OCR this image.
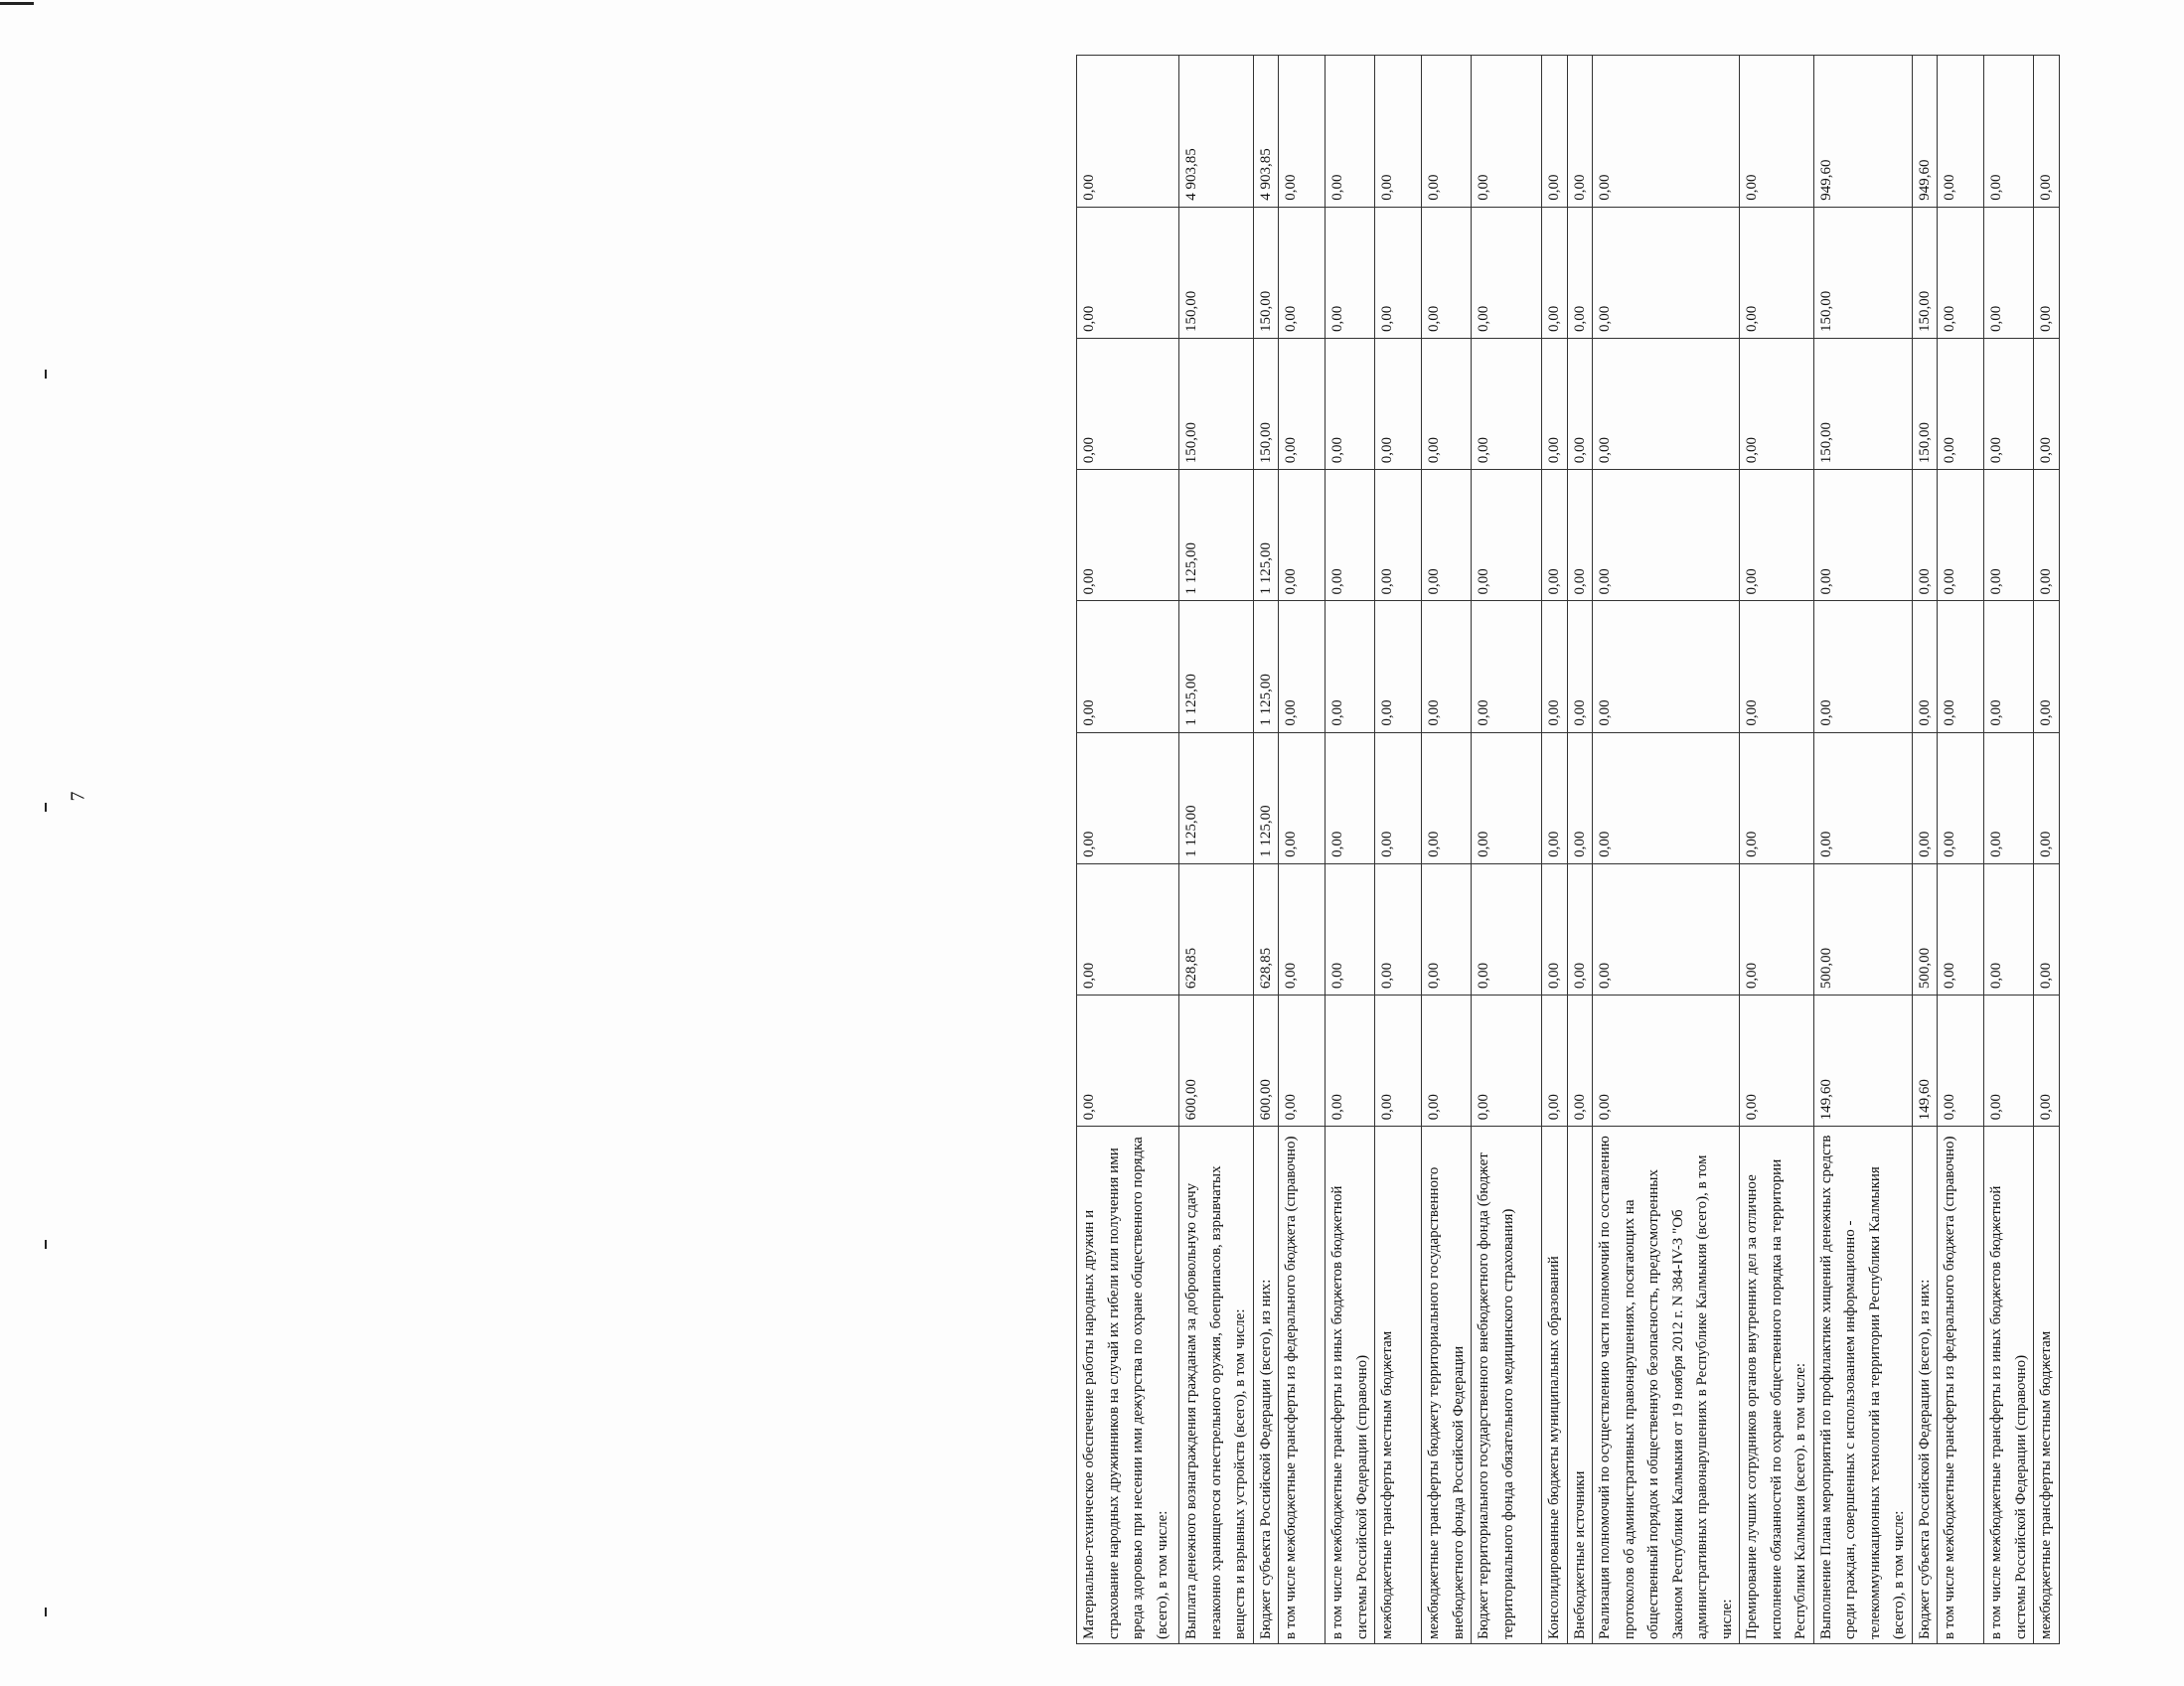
7
Материально-техническое обеспечение работы народных дружин и страхование народных дружинников на случай их гибели или получения ими вреда здоровью при несении ими дежурства по охране общественного порядка (всего), в том числе:	0,00	0,00	0,00	0,00	0,00	0,00	0,00	0,00
Выплата денежного вознаграждения гражданам за добровольную сдачу незаконно хранящегося огнестрельного оружия, боеприпасов, взрывчатых веществ и взрывных устройств (всего), в том числе:	600,00	628,85	1 125,00	1 125,00	1 125,00	150,00	150,00	4 903,85
Бюджет субъекта Российской Федерации (всего), из них:	600,00	628,85	1 125,00	1 125,00	1 125,00	150,00	150,00	4 903,85
в том числе межбюджетные трансферты из федерального бюджета (справочно)	0,00	0,00	0,00	0,00	0,00	0,00	0,00	0,00
в том числе межбюджетные трансферты из иных бюджетов бюджетной системы Российской Федерации (справочно)	0,00	0,00	0,00	0,00	0,00	0,00	0,00	0,00
межбюджетные трансферты местным бюджетам	0,00	0,00	0,00	0,00	0,00	0,00	0,00	0,00
межбюджетные трансферты бюджету территориального государственного внебюджетного фонда Российской Федерации	0,00	0,00	0,00	0,00	0,00	0,00	0,00	0,00
Бюджет территориального государственного внебюджетного фонда (бюджет территориального фонда обязательного медицинского страхования)	0,00	0,00	0,00	0,00	0,00	0,00	0,00	0,00
Консолидированные бюджеты муниципальных образований	0,00	0,00	0,00	0,00	0,00	0,00	0,00	0,00
Внебюджетные источники	0,00	0,00	0,00	0,00	0,00	0,00	0,00	0,00
Реализация полномочий по осуществлению части полномочий по составлению протоколов об административных правонарушениях, посягающих на общественный порядок и общественную безопасность, предусмотренных Законом Республики Калмыкия от 19 ноября 2012 г. N 384-IV-З "Об административных правонарушениях в Республике Калмыкия (всего), в том числе:	0,00	0,00	0,00	0,00	0,00	0,00	0,00	0,00
Премирование лучших сотрудников органов внутренних дел за отличное исполнение обязанностей по охране общественного порядка на территории Республики Калмыкия (всего). в том числе:	0,00	0,00	0,00	0,00	0,00	0,00	0,00	0,00
Выполнение Плана мероприятий по профилактике хищений денежных средств среди граждан, совершенных с использованием информационно - телекоммуникационных технологий на территории Республики Калмыкия (всего), в том числе:	149,60	500,00	0,00	0,00	0,00	150,00	150,00	949,60
Бюджет субъекта Российской Федерации (всего), из них:	149,60	500,00	0,00	0,00	0,00	150,00	150,00	949,60
в том числе межбюджетные трансферты из федерального бюджета (справочно)	0,00	0,00	0,00	0,00	0,00	0,00	0,00	0,00
в том числе межбюджетные трансферты из иных бюджетов бюджетной системы Российской Федерации (справочно)	0,00	0,00	0,00	0,00	0,00	0,00	0,00	0,00
межбюджетные трансферты местным бюджетам	0,00	0,00	0,00	0,00	0,00	0,00	0,00	0,00
